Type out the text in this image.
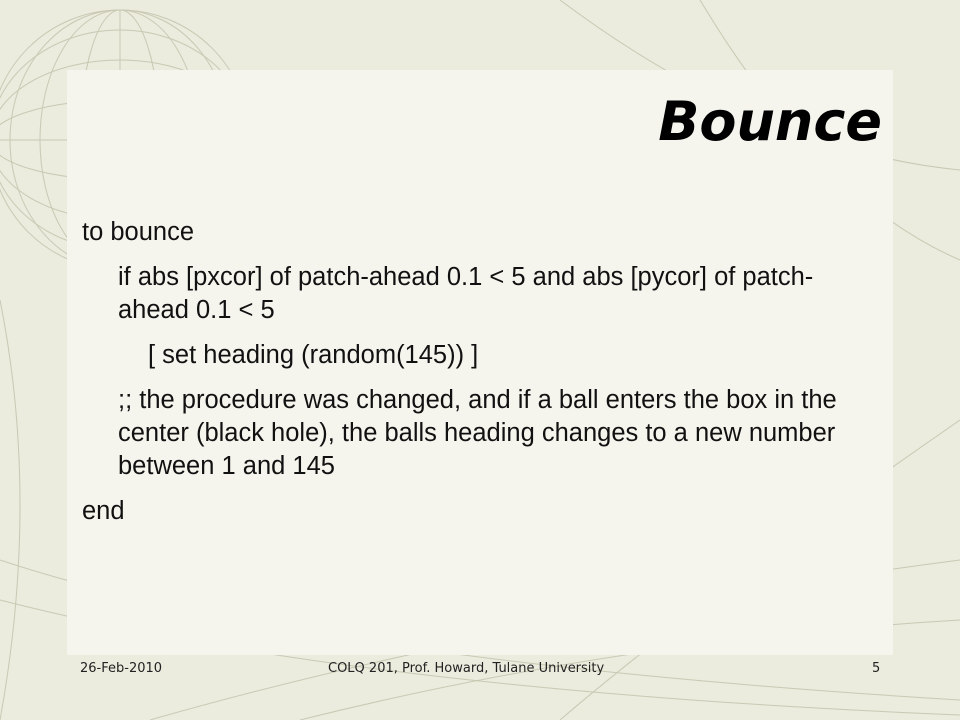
Bounce

to bounce

if abs [pxcor] of patch-ahead 0.1 < 5 and abs [pycor] of patch-ahead 0.1 < 5

[ set heading (random(145)) ]

;; the procedure was changed, and if a ball enters the box in the center (black hole), the balls heading changes to a new number between 1 and 145

end

26-Feb-2010	COLQ 201, Prof. Howard, Tulane University	5
